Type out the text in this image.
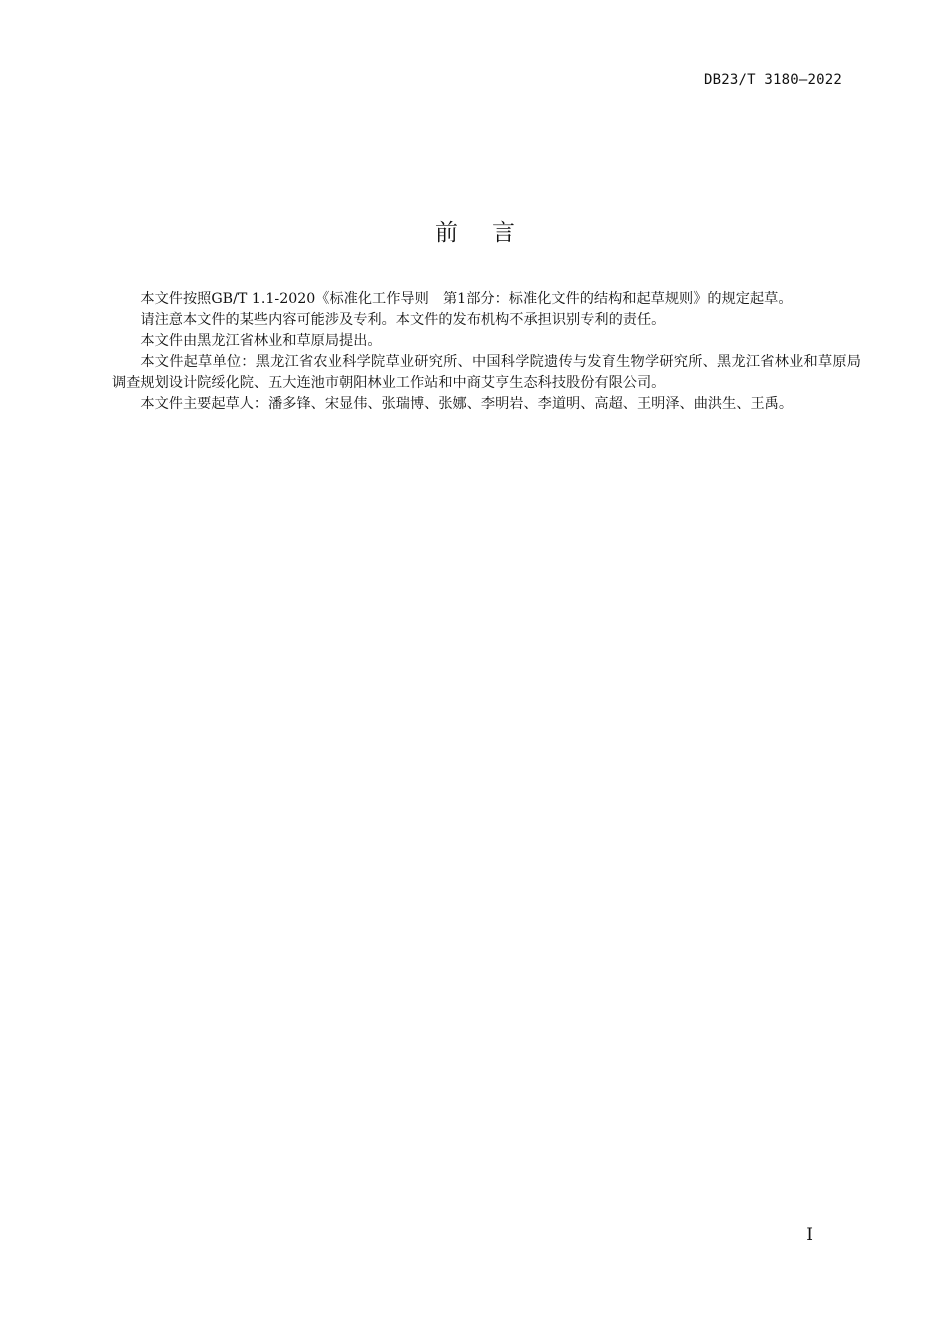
DB23/T 3180—2022
前言

本文件按照GB/T 1.1-2020《标准化工作导则　第1部分：标准化文件的结构和起草规则》的规定起草。

请注意本文件的某些内容可能涉及专利。本文件的发布机构不承担识别专利的责任。

本文件由黑龙江省林业和草原局提出。

本文件起草单位：黑龙江省农业科学院草业研究所、中国科学院遗传与发育生物学研究所、黑龙江省林业和草原局调查规划设计院绥化院、五大连池市朝阳林业工作站和中商艾亨生态科技股份有限公司。

本文件主要起草人：潘多锋、宋显伟、张瑞博、张娜、李明岩、李道明、高超、王明泽、曲洪生、王禹。

I
